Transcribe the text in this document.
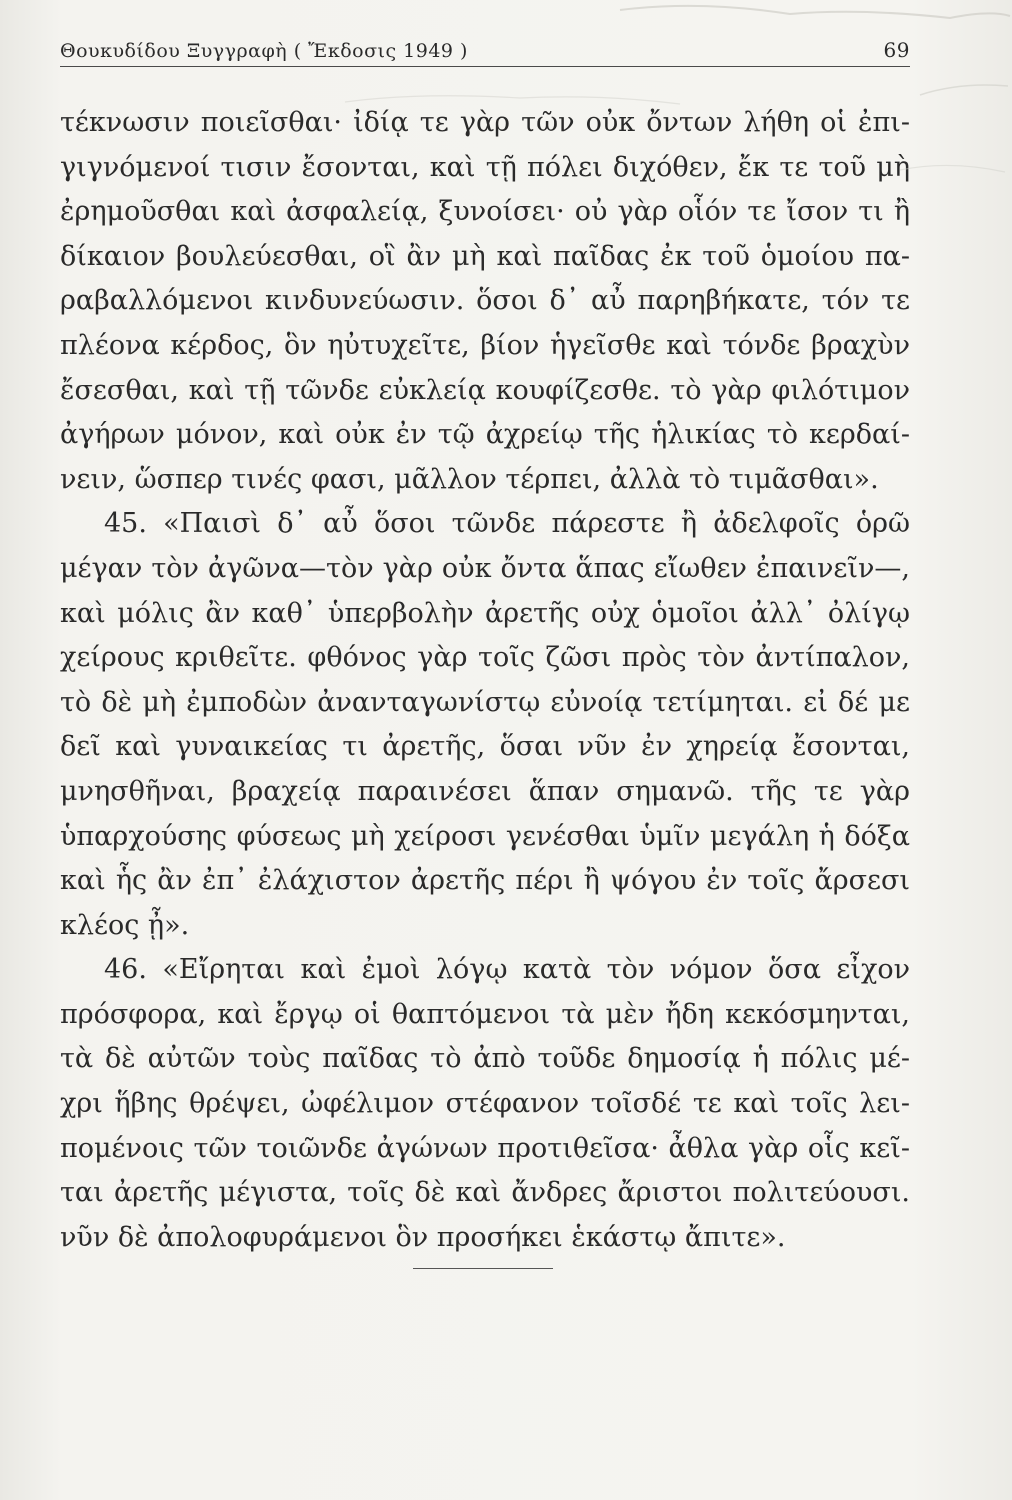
Θουκυδίδου Ξυγγραφὴ ( Ἔκδοσις 1949 )	69
τέκνωσιν ποιεῖσθαι· ἰδίᾳ τε γὰρ τῶν οὐκ ὄντων λήθη οἱ ἐπι-
γιγνόμενοί τισιν ἔσονται, καὶ τῇ πόλει διχόθεν, ἔκ τε τοῦ μὴ
ἐρημοῦσθαι καὶ ἀσφαλείᾳ, ξυνοίσει· οὐ γὰρ οἷόν τε ἴσον τι ἢ
δίκαιον βουλεύεσθαι, οἳ ἂν μὴ καὶ παῖδας ἐκ τοῦ ὁμοίου πα-
ραβαλλόμενοι κινδυνεύωσιν. ὅσοι δ᾽ αὖ παρηβήκατε, τόν τε
πλέονα κέρδος, ὃν ηὐτυχεῖτε, βίον ἡγεῖσθε καὶ τόνδε βραχὺν
ἔσεσθαι, καὶ τῇ τῶνδε εὐκλείᾳ κουφίζεσθε. τὸ γὰρ φιλότιμον
ἀγήρων μόνον, καὶ οὐκ ἐν τῷ ἀχρείῳ τῆς ἡλικίας τὸ κερδαί-
νειν, ὥσπερ τινές φασι, μᾶλλον τέρπει, ἀλλὰ τὸ τιμᾶσθαι».
45. «Παισὶ δ᾽ αὖ ὅσοι τῶνδε πάρεστε ἢ ἀδελφοῖς ὁρῶ
μέγαν τὸν ἀγῶνα—τὸν γὰρ οὐκ ὄντα ἅπας εἴωθεν ἐπαινεῖν—,
καὶ μόλις ἂν καθ᾽ ὑπερβολὴν ἀρετῆς οὐχ ὁμοῖοι ἀλλ᾽ ὀλίγῳ
χείρους κριθεῖτε. φθόνος γὰρ τοῖς ζῶσι πρὸς τὸν ἀντίπαλον,
τὸ δὲ μὴ ἐμποδὼν ἀνανταγωνίστῳ εὐνοίᾳ τετίμηται. εἰ δέ με
δεῖ καὶ γυναικείας τι ἀρετῆς, ὅσαι νῦν ἐν χηρείᾳ ἔσονται,
μνησθῆναι, βραχείᾳ παραινέσει ἅπαν σημανῶ. τῆς τε γὰρ
ὑπαρχούσης φύσεως μὴ χείροσι γενέσθαι ὑμῖν μεγάλη ἡ δόξα
καὶ ἧς ἂν ἐπ᾽ ἐλάχιστον ἀρετῆς πέρι ἢ ψόγου ἐν τοῖς ἄρσεσι
κλέος ᾖ».
46. «Εἴρηται καὶ ἐμοὶ λόγῳ κατὰ τὸν νόμον ὅσα εἶχον
πρόσφορα, καὶ ἔργῳ οἱ θαπτόμενοι τὰ μὲν ἤδη κεκόσμηνται,
τὰ δὲ αὐτῶν τοὺς παῖδας τὸ ἀπὸ τοῦδε δημοσίᾳ ἡ πόλις μέ-
χρι ἥβης θρέψει, ὠφέλιμον στέφανον τοῖσδέ τε καὶ τοῖς λει-
πομένοις τῶν τοιῶνδε ἀγώνων προτιθεῖσα· ἆθλα γὰρ οἷς κεῖ-
ται ἀρετῆς μέγιστα, τοῖς δὲ καὶ ἄνδρες ἄριστοι πολιτεύουσι.
νῦν δὲ ἀπολοφυράμενοι ὃν προσήκει ἑκάστῳ ἄπιτε».
